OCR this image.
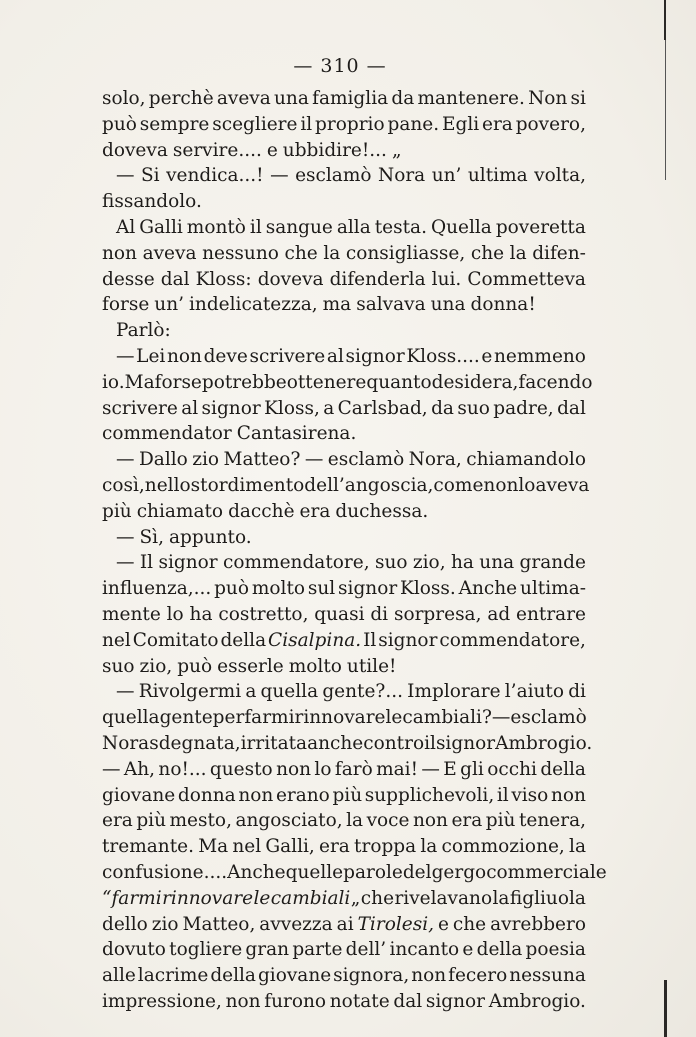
— 310 —
solo, perchè aveva una famiglia da mantenere. Non si
può sempre scegliere il proprio pane. Egli era povero,
doveva servire.... e ubbidire!... „
— Si vendica...! — esclamò Nora un’ ultima volta,
fissandolo.
Al Galli montò il sangue alla testa. Quella poveretta
non aveva nessuno che la consigliasse, che la difen-
desse dal Kloss: doveva difenderla lui. Commetteva
forse un’ indelicatezza, ma salvava una donna!
Parlò:
— Lei non deve scrivere al signor Kloss.... e nemmeno
io. Ma forse potrebbe ottenere quanto desidera, facendo
scrivere al signor Kloss, a Carlsbad, da suo padre, dal
commendator Cantasirena.
— Dallo zio Matteo? — esclamò Nora, chiamandolo
così, nello stordimento dell’angoscia, come non lo aveva
più chiamato dacchè era duchessa.
— Sì, appunto.
— Il signor commendatore, suo zio, ha una grande
influenza,... può molto sul signor Kloss. Anche ultima-
mente lo ha costretto, quasi di sorpresa, ad entrare
nel Comitato della Cisalpina. Il signor commendatore,
suo zio, può esserle molto utile!
— Rivolgermi a quella gente?... Implorare l’aiuto di
quella gente per farmi rinnovare le cambiali? — esclamò
Nora sdegnata, irritata anche contro il signor Ambrogio.
— Ah, no!... questo non lo farò mai! — E gli occhi della
giovane donna non erano più supplichevoli, il viso non
era più mesto, angosciato, la voce non era più tenera,
tremante. Ma nel Galli, era troppa la commozione, la
confusione.... Anche quelle parole del gergo commerciale
“farmi rinnovare le cambiali „ che rivelavano la figliuola
dello zio Matteo, avvezza ai Tirolesi, e che avrebbero
dovuto togliere gran parte dell’ incanto e della poesia
alle lacrime della giovane signora, non fecero nessuna
impressione, non furono notate dal signor Ambrogio.
